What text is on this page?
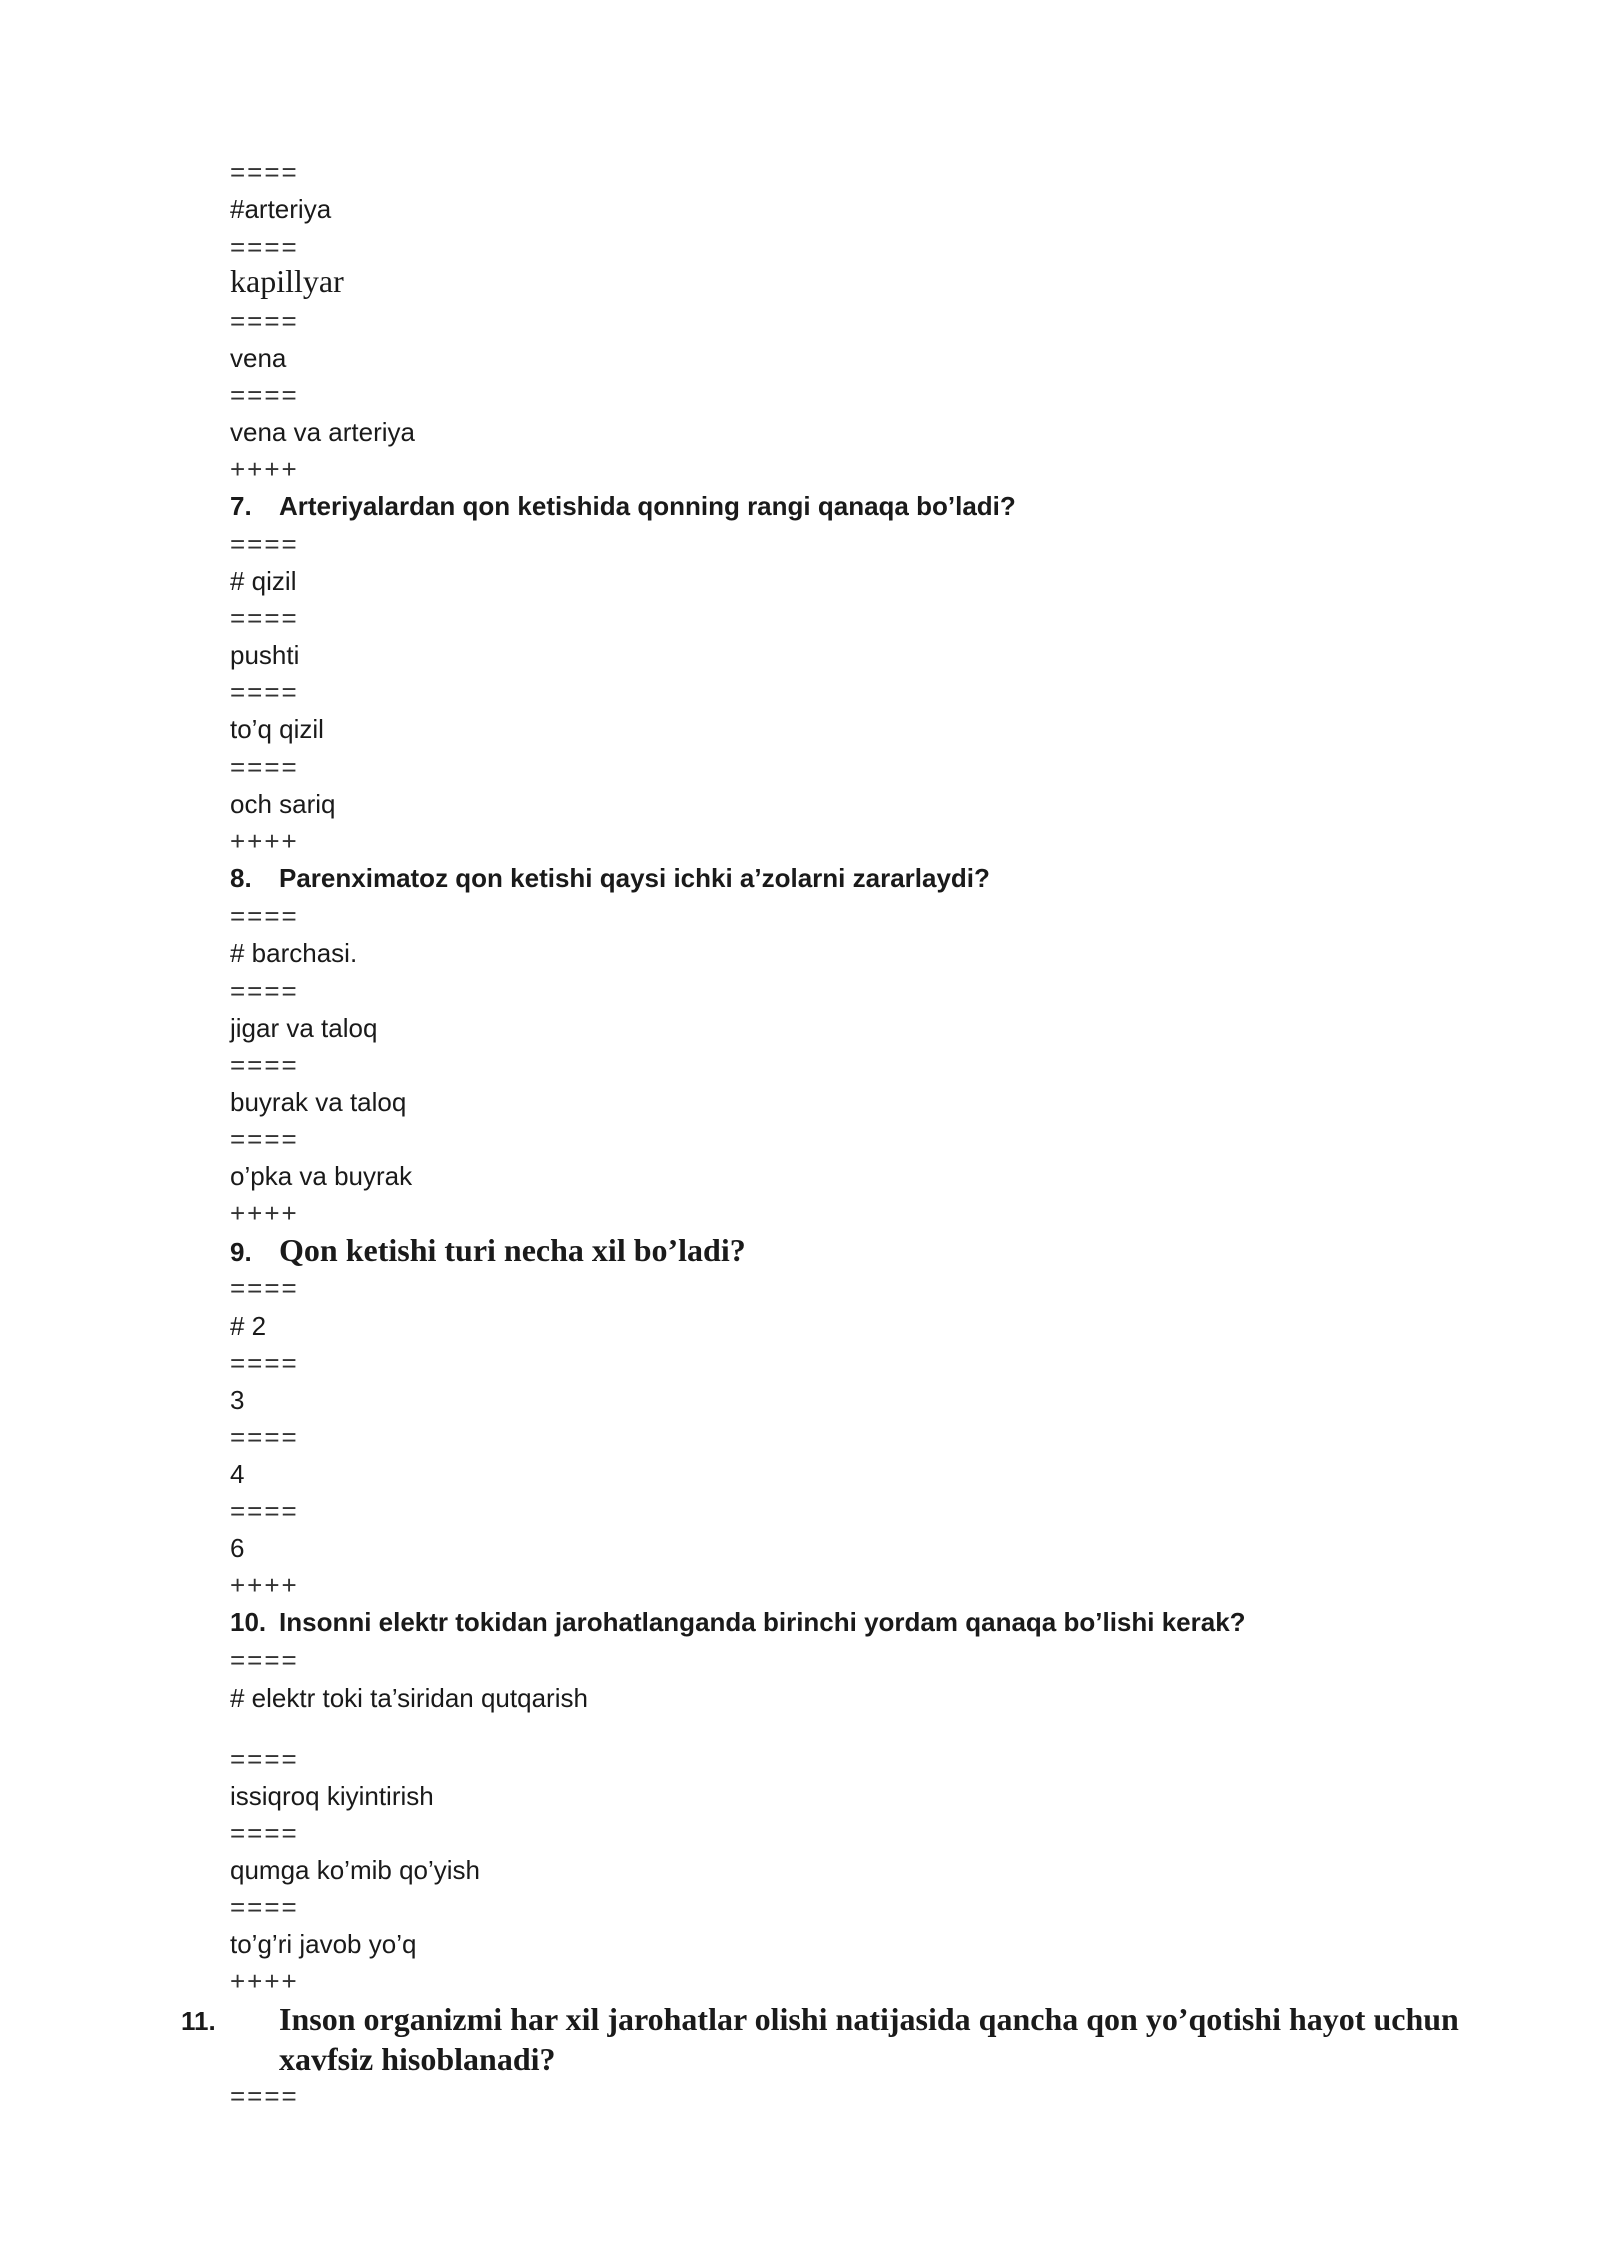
====
#arteriya
====
kapillyar
====
vena
====
vena va arteriya
++++
7. Arteriyalardan qon ketishida qonning rangi qanaqa bo’ladi?
====
# qizil
====
pushti
====
to’q qizil
====
och sariq
++++
8. Parenximatoz qon ketishi qaysi ichki a’zolarni zararlaydi?
====
# barchasi.
====
jigar va taloq
====
buyrak va taloq
====
o’pka va buyrak
++++
9. Qon ketishi turi necha xil bo’ladi?
====
# 2
====
3
====
4
====
6
++++
10. Insonni elektr tokidan jarohatlanganda birinchi yordam qanaqa bo’lishi kerak?
====
# elektr toki ta’siridan qutqarish
====
issiqroq kiyintirish
====
qumga ko’mib qo’yish
====
to’g’ri javob yo’q
++++
11. Inson organizmi har xil jarohatlar olishi natijasida qancha qon yo’qotishi hayot uchun xavfsiz hisoblanadi?
====
